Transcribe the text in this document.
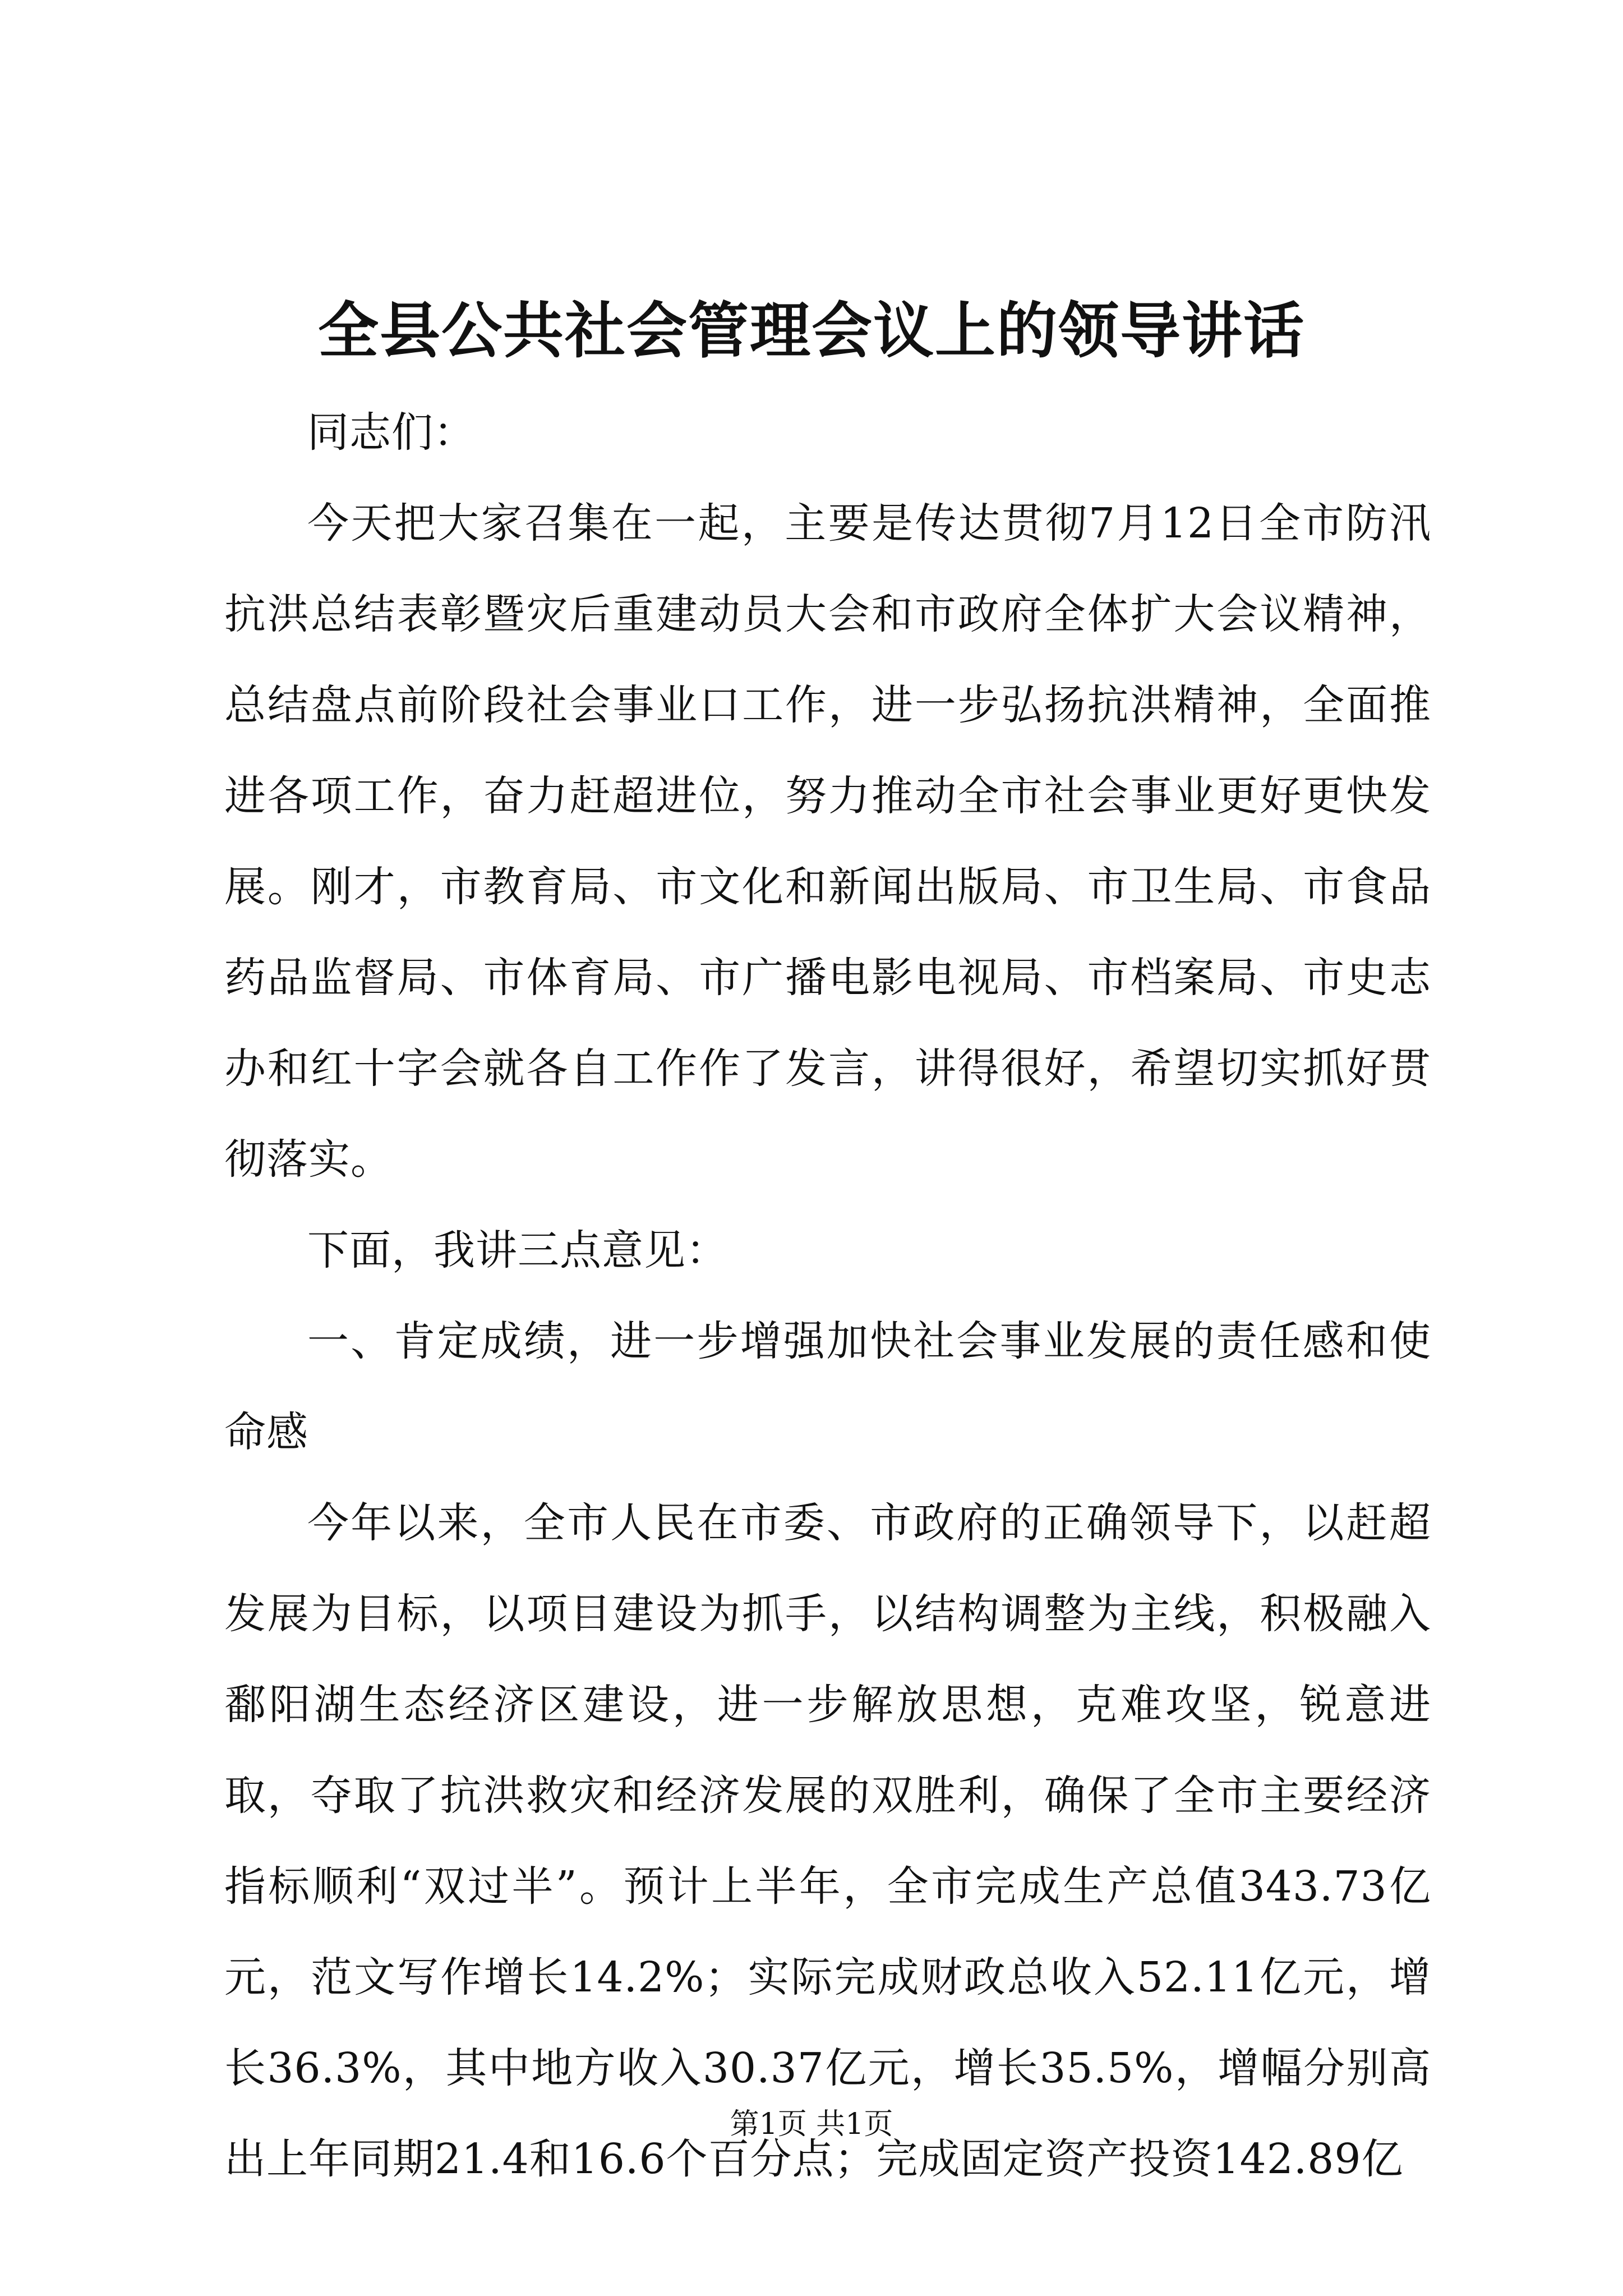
全县公共社会管理会议上的领导讲话

同志们：

今天把大家召集在一起，主要是传达贯彻7月12日全市防汛抗洪总结表彰暨灾后重建动员大会和市政府全体扩大会议精神，总结盘点前阶段社会事业口工作，进一步弘扬抗洪精神，全面推进各项工作，奋力赶超进位，努力推动全市社会事业更好更快发展。刚才，市教育局、市文化和新闻出版局、市卫生局、市食品药品监督局、市体育局、市广播电影电视局、市档案局、市史志办和红十字会就各自工作作了发言，讲得很好，希望切实抓好贯彻落实。

下面，我讲三点意见：

一、肯定成绩，进一步增强加快社会事业发展的责任感和使命感

今年以来，全市人民在市委、市政府的正确领导下，以赶超发展为目标，以项目建设为抓手，以结构调整为主线，积极融入鄱阳湖生态经济区建设，进一步解放思想，克难攻坚，锐意进取，夺取了抗洪救灾和经济发展的双胜利，确保了全市主要经济指标顺利“双过半”。预计上半年，全市完成生产总值343.73亿元，范文写作增长14.2%；实际完成财政总收入52.11亿元，增长36.3%，其中地方收入30.37亿元，增长35.5%，增幅分别高出上年同期21.4和16.6个百分点；完成固定资产投资142.89亿

第1页 共1页
